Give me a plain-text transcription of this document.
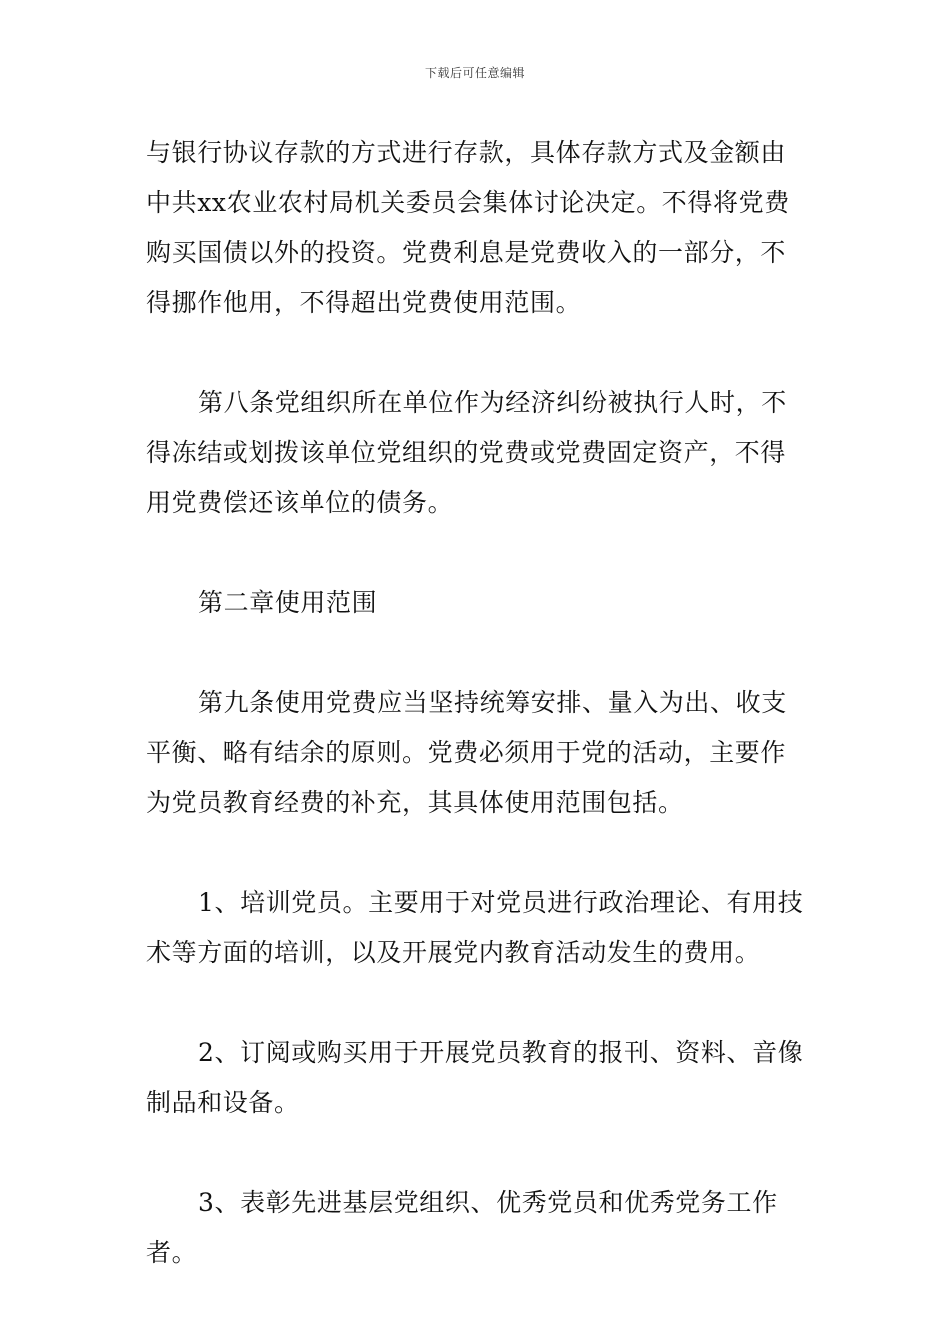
下载后可任意编辑

与银行协议存款的方式进行存款，具体存款方式及金额由中共xx农业农村局机关委员会集体讨论决定。不得将党费购买国债以外的投资。党费利息是党费收入的一部分，不得挪作他用，不得超出党费使用范围。

第八条党组织所在单位作为经济纠纷被执行人时，不得冻结或划拨该单位党组织的党费或党费固定资产，不得用党费偿还该单位的债务。

第二章使用范围

第九条使用党费应当坚持统筹安排、量入为出、收支平衡、略有结余的原则。党费必须用于党的活动，主要作为党员教育经费的补充，其具体使用范围包括。

1、培训党员。主要用于对党员进行政治理论、有用技术等方面的培训，以及开展党内教育活动发生的费用。

2、订阅或购买用于开展党员教育的报刊、资料、音像制品和设备。

3、表彰先进基层党组织、优秀党员和优秀党务工作者。
